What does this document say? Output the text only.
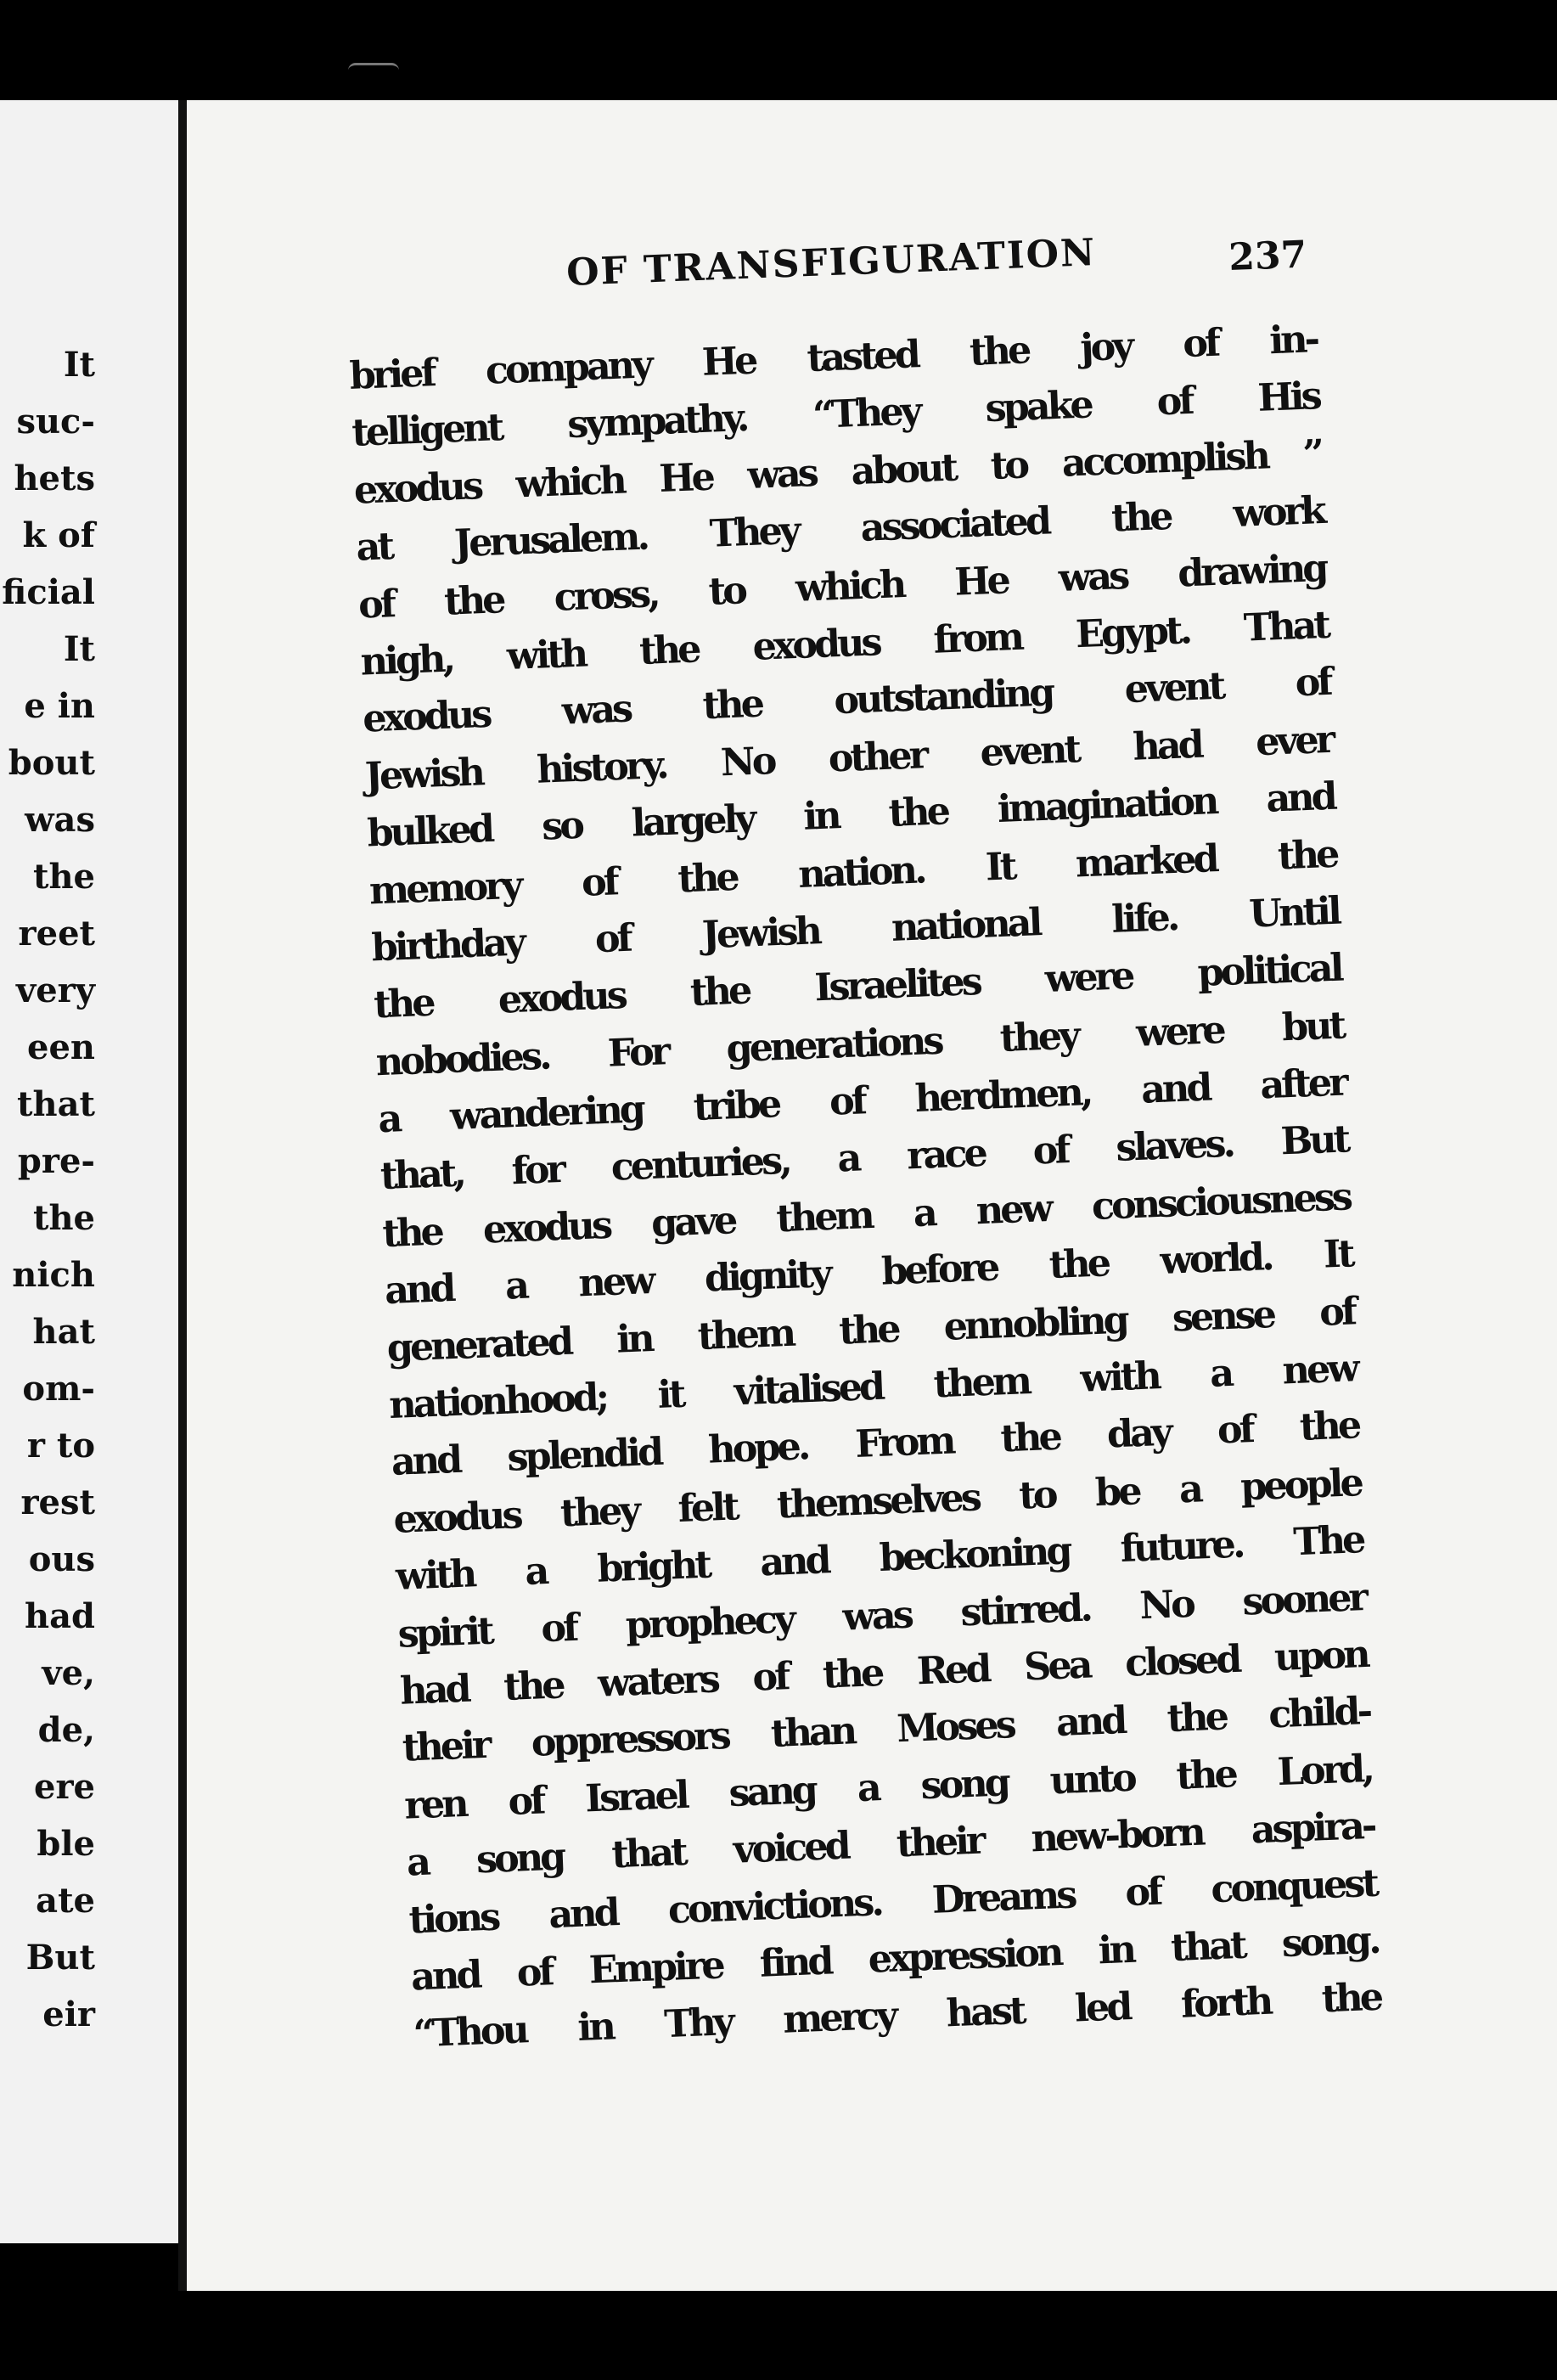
It
suc-
hets
k of
ficial
It
e in
bout
was
the
reet
very
een
that
pre-
the
nich
hat
om-
r to
rest
ous
had
ve,
de,
ere
ble
ate
But
eir
OF TRANSFIGURATION	237
brief company He tasted the joy of in-
telligent sympathy. “They spake of His
exodus which He was about to accomplish ”
at Jerusalem. They associated the work
of the cross, to which He was drawing
nigh, with the exodus from Egypt. That
exodus was the outstanding event of
Jewish history. No other event had ever
bulked so largely in the imagination and
memory of the nation. It marked the
birthday of Jewish national life. Until
the exodus the Israelites were political
nobodies. For generations they were but
a wandering tribe of herdmen, and after
that, for centuries, a race of slaves. But
the exodus gave them a new consciousness
and a new dignity before the world. It
generated in them the ennobling sense of
nationhood; it vitalised them with a new
and splendid hope. From the day of the
exodus they felt themselves to be a people
with a bright and beckoning future. The
spirit of prophecy was stirred. No sooner
had the waters of the Red Sea closed upon
their oppressors than Moses and the child-
ren of Israel sang a song unto the Lord,
a song that voiced their new-born aspira-
tions and convictions. Dreams of conquest
and of Empire find expression in that song.
“Thou in Thy mercy hast led forth the
